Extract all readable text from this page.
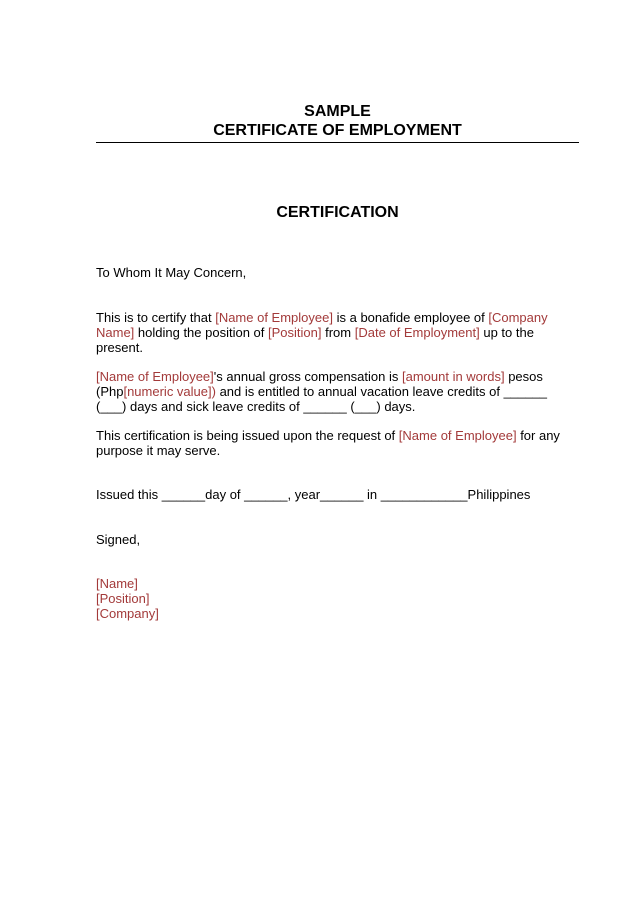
SAMPLE
CERTIFICATE OF EMPLOYMENT
CERTIFICATION
To Whom It May Concern,
This is to certify that [Name of Employee] is a bonafide employee of [Company Name] holding the position of [Position] from [Date of Employment] up to the present.
[Name of Employee]'s annual gross compensation is [amount in words] pesos (Php[numeric value]) and is entitled to annual vacation leave credits of ______ (___) days and sick leave credits of ______ (___) days.
This certification is being issued upon the request of [Name of Employee] for any purpose it may serve.
Issued this ______day of ______, year______ in ____________Philippines
Signed,
[Name]
[Position]
[Company]
